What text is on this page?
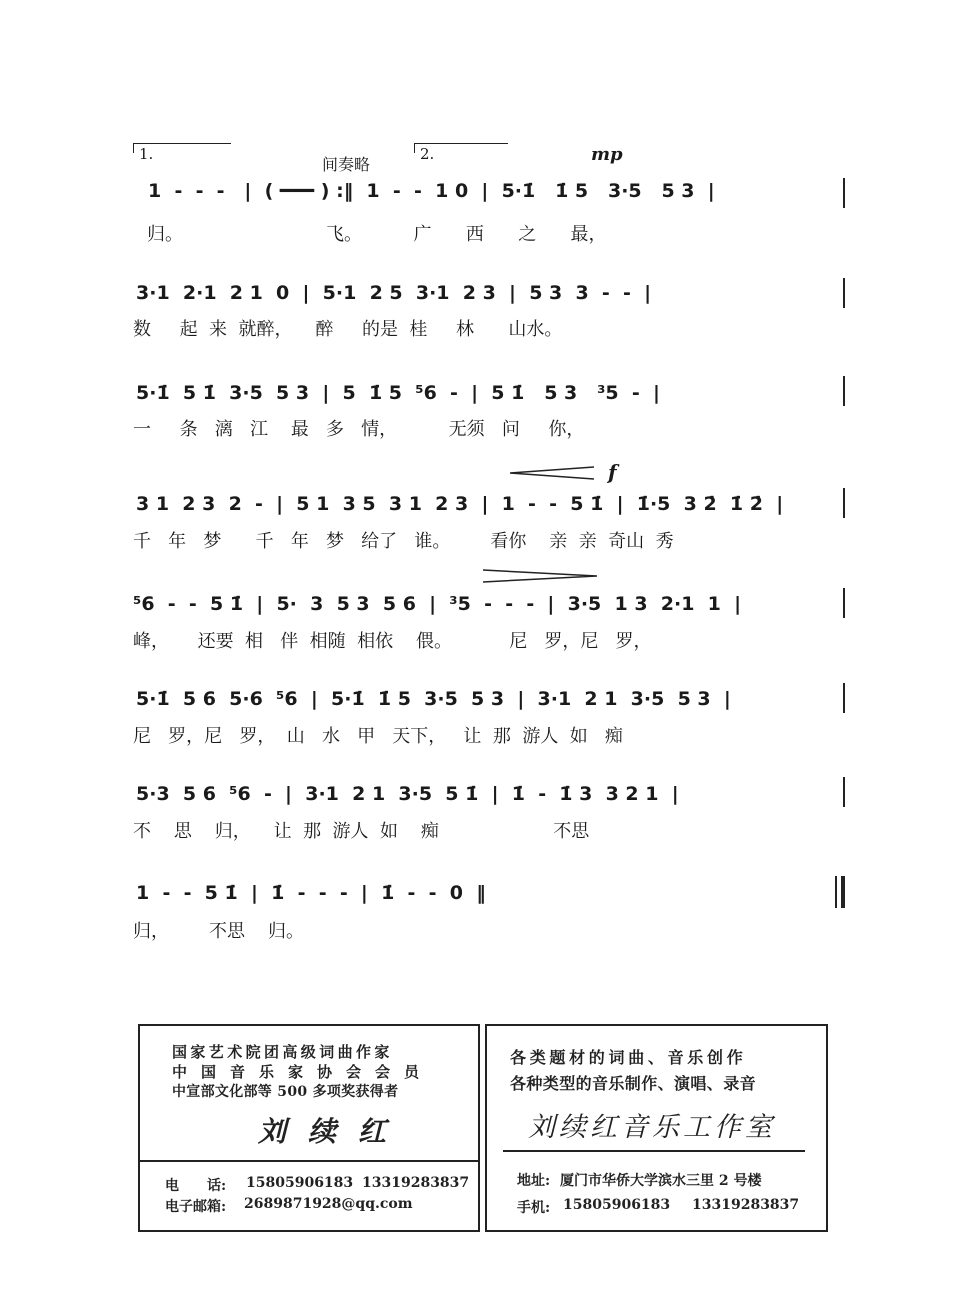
1.
间奏略
2.	mp
f
1  -  -  -   |  ( ━━━ ) :‖  1  -  -  1 0  |  5·1̇   1̇ 5   3·5   5 3  |
归。                         飞。         广      西      之      最，
3·1  2·1  2 1  0  |  5·1  2 5  3·1  2 3  |  5 3  3  -  -  |
数     起  来  就醉，    醉     的是  桂     林      山水。
5·1̇  5 1̇  3·5  5 3  |  5  1̇ 5  ⁵6  -  |  5 1̇   5 3   ³5  -  |
一     条   漓   江    最   多   情，         无须   问     你，
3 1  2 3  2  -  |  5 1  3 5  3 1  2 3  |  1  -  -  5 1̇  |  1̇·5  3 2̇  1̇ 2̇  |
千   年   梦      千   年   梦   给了   谁。       看你    亲  亲  奇山  秀
⁵6  -  -  5 1̇  |  5·  3  5 3  5 6  |  ³5  -  -  -  |  3·5  1 3  2·1  1  |
峰，     还要  相   伴  相随  相依    偎。          尼   罗，尼   罗，
5·1̇  5 6  5·6  ⁵6  |  5·1̇  1̇ 5  3·5  5 3  |  3·1  2 1  3·5  5 3  |
尼   罗，尼   罗，  山   水   甲   天下，   让  那  游人  如   痴
5·3  5 6  ⁵6  -  |  3·1  2 1  3·5  5 1̇  |  1̇  -  1̇ 3  3 2 1  |
不    思    归，    让  那  游人  如    痴                    不思
1  -  -  5 1̇  |  1̇  -  -  -  |  1̇  -  -  0  ‖
归，       不思    归。
国家艺术院团高级词曲作家
中国音乐家协会会员
中宣部文化部等 500 多项奖获得者
刘续红
电　　话: 15805906183 13319283837
电子邮箱: 2689871928@qq.com
各类题材的词曲、音乐创作
各种类型的音乐制作、演唱、录音
刘续红音乐工作室
地址: 厦门市华侨大学滨水三里 2 号楼
手机: 15805906183 13319283837
